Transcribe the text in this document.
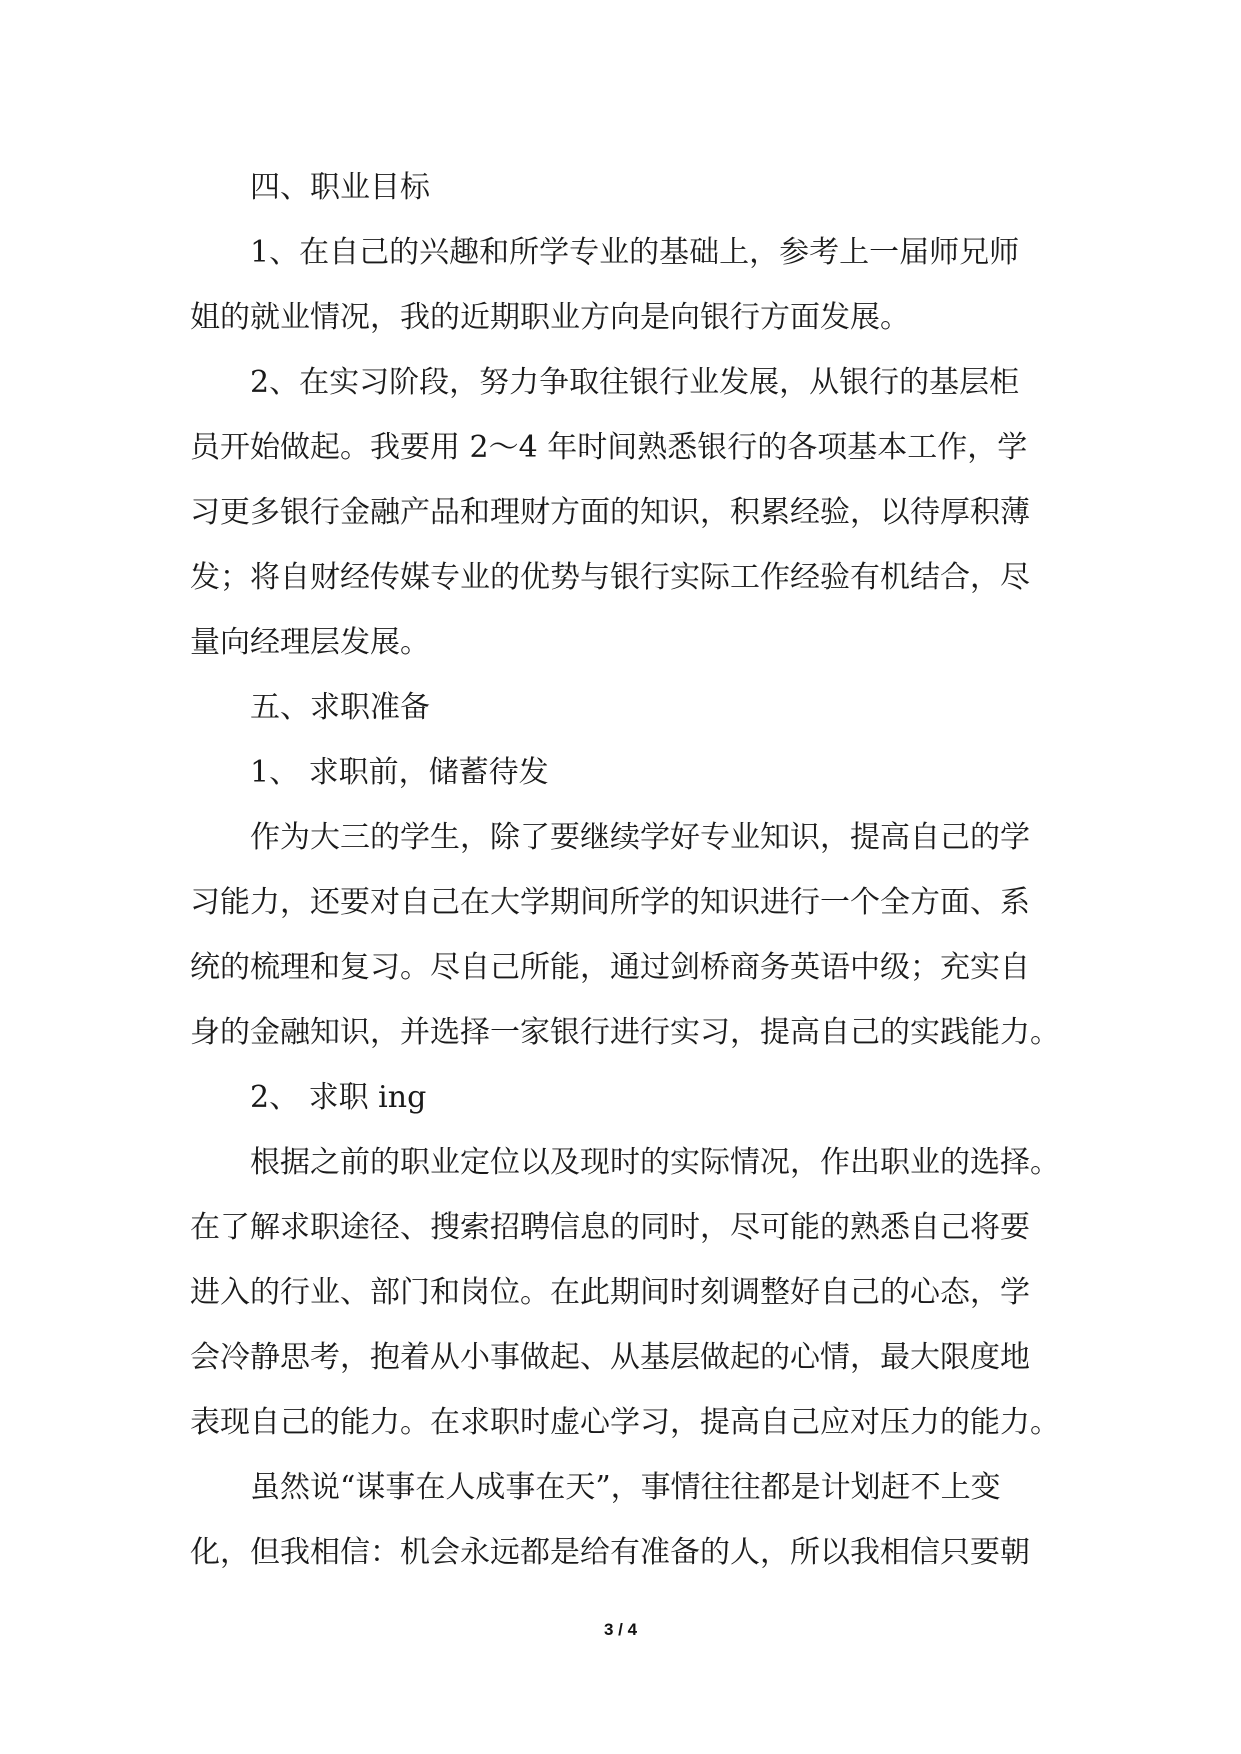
四、职业目标
1、在自己的兴趣和所学专业的基础上，参考上一届师兄师
姐的就业情况，我的近期职业方向是向银行方面发展。
2、在实习阶段，努力争取往银行业发展，从银行的基层柜
员开始做起。我要用 2～4 年时间熟悉银行的各项基本工作，学
习更多银行金融产品和理财方面的知识，积累经验，以待厚积薄
发；将自财经传媒专业的优势与银行实际工作经验有机结合，尽
量向经理层发展。
五、求职准备
1、 求职前，储蓄待发
作为大三的学生，除了要继续学好专业知识，提高自己的学
习能力，还要对自己在大学期间所学的知识进行一个全方面、系
统的梳理和复习。尽自己所能，通过剑桥商务英语中级；充实自
身的金融知识，并选择一家银行进行实习，提高自己的实践能力。
2、 求职 ing
根据之前的职业定位以及现时的实际情况，作出职业的选择。
在了解求职途径、搜索招聘信息的同时，尽可能的熟悉自己将要
进入的行业、部门和岗位。在此期间时刻调整好自己的心态，学
会冷静思考，抱着从小事做起、从基层做起的心情，最大限度地
表现自己的能力。在求职时虚心学习，提高自己应对压力的能力。
虽然说“谋事在人成事在天”，事情往往都是计划赶不上变
化，但我相信：机会永远都是给有准备的人，所以我相信只要朝
3 / 4
